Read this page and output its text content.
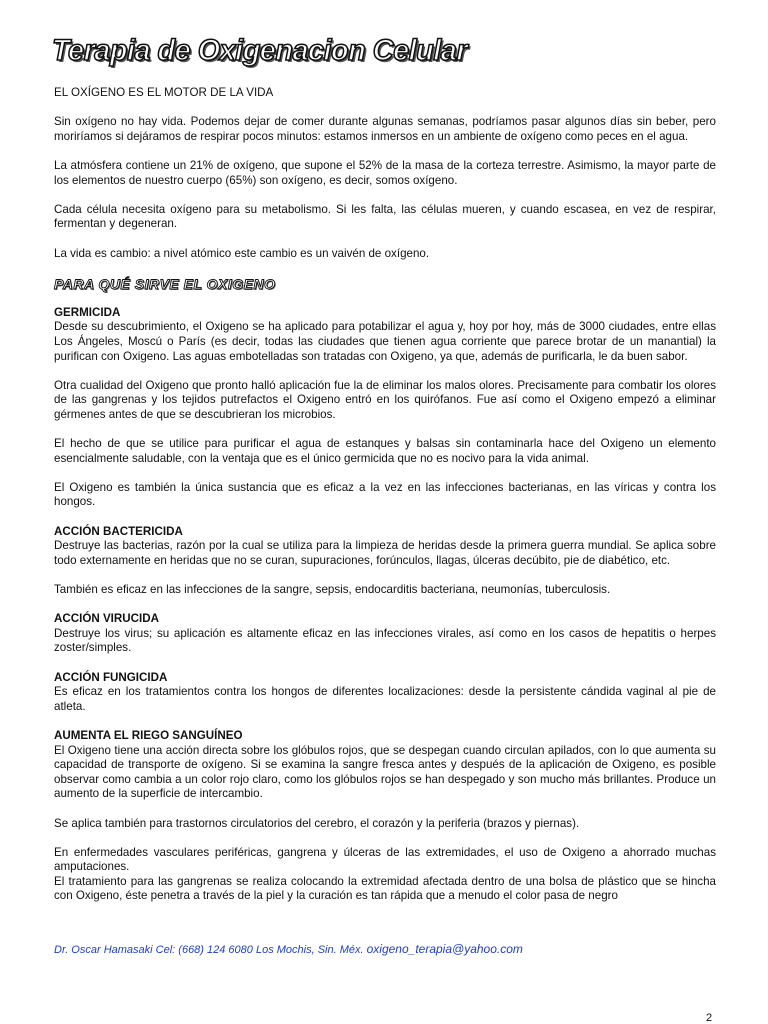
Terapia de Oxigenacion Celular

EL OXÍGENO ES EL MOTOR DE LA VIDA

Sin oxígeno no hay vida. Podemos dejar de comer durante algunas semanas, podríamos pasar algunos días sin beber, pero moriríamos si dejáramos de respirar pocos minutos: estamos inmersos en un ambiente de oxígeno como peces en el agua.

La atmósfera contiene un 21% de oxígeno, que supone el 52% de la masa de la corteza terrestre. Asimismo, la mayor parte de los elementos de nuestro cuerpo (65%) son oxígeno, es decir, somos oxígeno.

Cada célula necesita oxígeno para su metabolismo. Si les falta, las células mueren, y cuando escasea, en vez de respirar, fermentan y degeneran.

La vida es cambio: a nivel atómico este cambio es un vaivén de oxígeno.

PARA QUÉ SIRVE EL OXIGENO
GERMICIDA

Desde su descubrimiento, el Oxigeno se ha aplicado para potabilizar el agua y, hoy por hoy, más de 3000 ciudades, entre ellas Los Ángeles, Moscú o París (es decir, todas las ciudades que tienen agua corriente que parece brotar de un manantial) la purifican con Oxigeno. Las aguas embotelladas son tratadas con Oxigeno, ya que, además de purificarla, le da buen sabor.

Otra cualidad del Oxigeno que pronto halló aplicación fue la de eliminar los malos olores. Precisamente para combatir los olores de las gangrenas y los tejidos putrefactos el Oxigeno entró en los quirófanos. Fue así como el Oxigeno empezó a eliminar gérmenes antes de que se descubrieran los microbios.

El hecho de que se utilice para purificar el agua de estanques y balsas sin contaminarla hace del Oxigeno un elemento esencialmente saludable, con la ventaja que es el único germicida que no es nocivo para la vida animal.

El Oxigeno es también la única sustancia que es eficaz a la vez en las infecciones bacterianas, en las víricas y contra los hongos.

ACCIÓN BACTERICIDA

Destruye las bacterias, razón por la cual se utiliza para la limpieza de heridas desde la primera guerra mundial. Se aplica sobre todo externamente en heridas que no se curan, supuraciones, forúnculos, llagas, úlceras decúbito, pie de diabético, etc.

También es eficaz en las infecciones de la sangre, sepsis, endocarditis bacteriana, neumonías, tuberculosis.

ACCIÓN VIRUCIDA

Destruye los virus; su aplicación es altamente eficaz en las infecciones virales, así como en los casos de hepatitis o herpes zoster/simples.

ACCIÓN FUNGICIDA

Es eficaz en los tratamientos contra los hongos de diferentes localizaciones: desde la persistente cándida vaginal al pie de atleta.

AUMENTA EL RIEGO SANGUÍNEO

El Oxigeno tiene una acción directa sobre los glóbulos rojos, que se despegan cuando circulan apilados, con lo que aumenta su capacidad de transporte de oxígeno. Si se examina la sangre fresca antes y después de la aplicación de Oxigeno, es posible observar como cambia a un color rojo claro, como los glóbulos rojos se han despegado y son mucho más brillantes. Produce un aumento de la superficie de intercambio.

Se aplica también para trastornos circulatorios del cerebro, el corazón y la periferia (brazos y piernas).

En enfermedades vasculares periféricas, gangrena y úlceras de las extremidades, el uso de Oxigeno a ahorrado muchas amputaciones.

El tratamiento para las gangrenas se realiza colocando la extremidad afectada dentro de una bolsa de plástico que se hincha con Oxigeno, éste penetra a través de la piel y la curación es tan rápida que a menudo el color pasa de negro

Dr. Oscar Hamasaki Cel: (668) 124 6080 Los Mochis, Sin. Méx. oxigeno_terapia@yahoo.com
2
